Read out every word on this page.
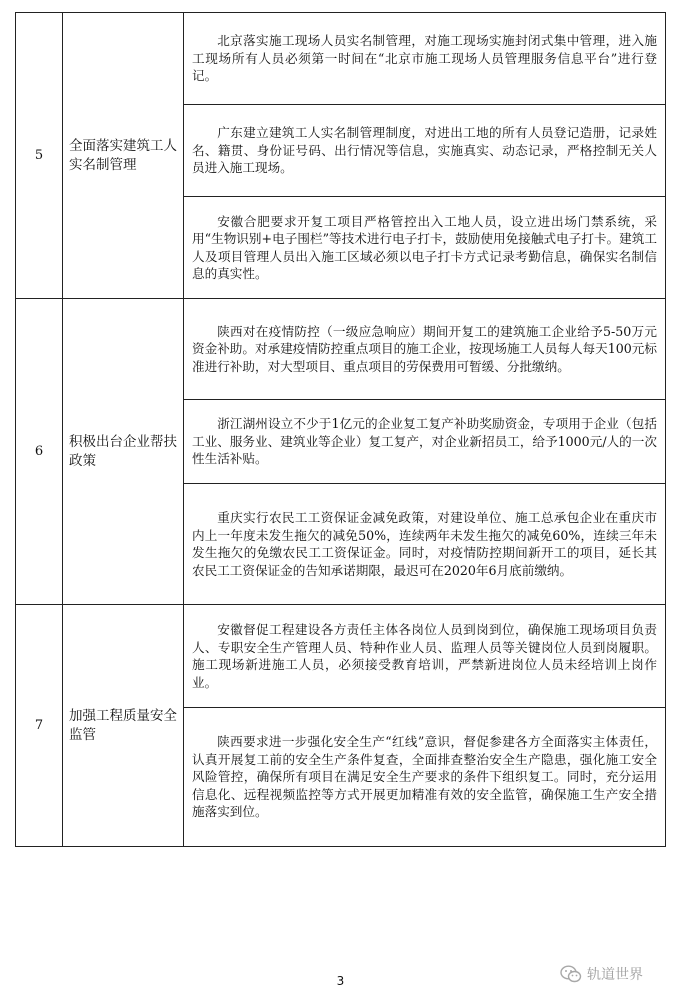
5	全面落实建筑工人实名制管理	北京落实施工现场人员实名制管理，对施工现场实施封闭式集中管理，进入施工现场所有人员必须第一时间在“北京市施工现场人员管理服务信息平台”进行登记。
广东建立建筑工人实名制管理制度，对进出工地的所有人员登记造册，记录姓名、籍贯、身份证号码、出行情况等信息，实施真实、动态记录，严格控制无关人员进入施工现场。
安徽合肥要求开复工项目严格管控出入工地人员，设立进出场门禁系统，采用“生物识别+电子围栏”等技术进行电子打卡，鼓励使用免接触式电子打卡。建筑工人及项目管理人员出入施工区域必须以电子打卡方式记录考勤信息，确保实名制信息的真实性。

6	积极出台企业帮扶政策	陕西对在疫情防控（一级应急响应）期间开复工的建筑施工企业给予5-50万元资金补助。对承建疫情防控重点项目的施工企业，按现场施工人员每人每天100元标准进行补助，对大型项目、重点项目的劳保费用可暂缓、分批缴纳。
浙江湖州设立不少于1亿元的企业复工复产补助奖励资金，专项用于企业（包括工业、服务业、建筑业等企业）复工复产，对企业新招员工，给予1000元/人的一次性生活补贴。
重庆实行农民工工资保证金减免政策，对建设单位、施工总承包企业在重庆市内上一年度未发生拖欠的减免50%，连续两年未发生拖欠的减免60%，连续三年未发生拖欠的免缴农民工工资保证金。同时，对疫情防控期间新开工的项目，延长其农民工工资保证金的告知承诺期限，最迟可在2020年6月底前缴纳。

7	加强工程质量安全监管	安徽督促工程建设各方责任主体各岗位人员到岗到位，确保施工现场项目负责人、专职安全生产管理人员、特种作业人员、监理人员等关键岗位人员到岗履职。施工现场新进施工人员，必须接受教育培训，严禁新进岗位人员未经培训上岗作业。
陕西要求进一步强化安全生产“红线”意识，督促参建各方全面落实主体责任，认真开展复工前的安全生产条件复查，全面排查整治安全生产隐患，强化施工安全风险管控，确保所有项目在满足安全生产要求的条件下组织复工。同时，充分运用信息化、远程视频监控等方式开展更加精准有效的安全监管，确保施工生产安全措施落实到位。
3	轨道世界
